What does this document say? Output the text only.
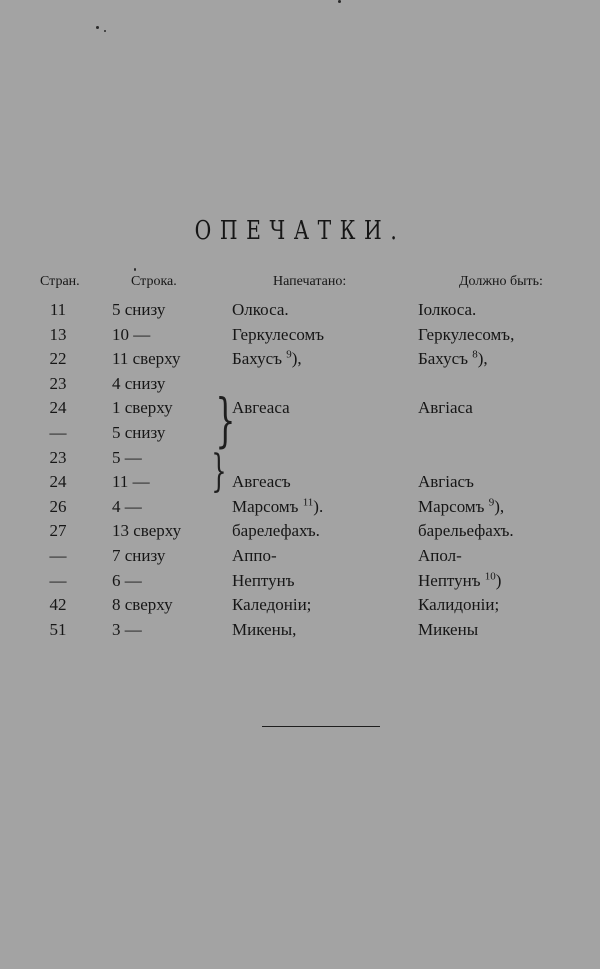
ОПЕЧАТКИ.
Стран.	Строка.	Напечатано:	Должно быть:
11	5 снизу	Олкоса.	Іолкоса.
13	10 —	Геркулесомъ	Геркулесомъ,
22	11 сверху	Бахусъ $^9$),	Бахусъ $^8$),
23	4 снизу
24	1 сверху	Авгеаса	Авгіаса
—	5 снизу
23	5 —
24	11 —	Авгеасъ	Авгіасъ
26	4 —	Марсомъ $^{11}$).	Марсомъ $^9$),
27	13 сверху	барелефахъ.	барельефахъ.
—	7 снизу	Аппо-	Апол-
—	6 —	Нептунъ	Нептунъ $^{10}$)
42	8 сверху	Каледоніи;	Калидоніи;
51	3 —	Микены,	Микены
}
}
